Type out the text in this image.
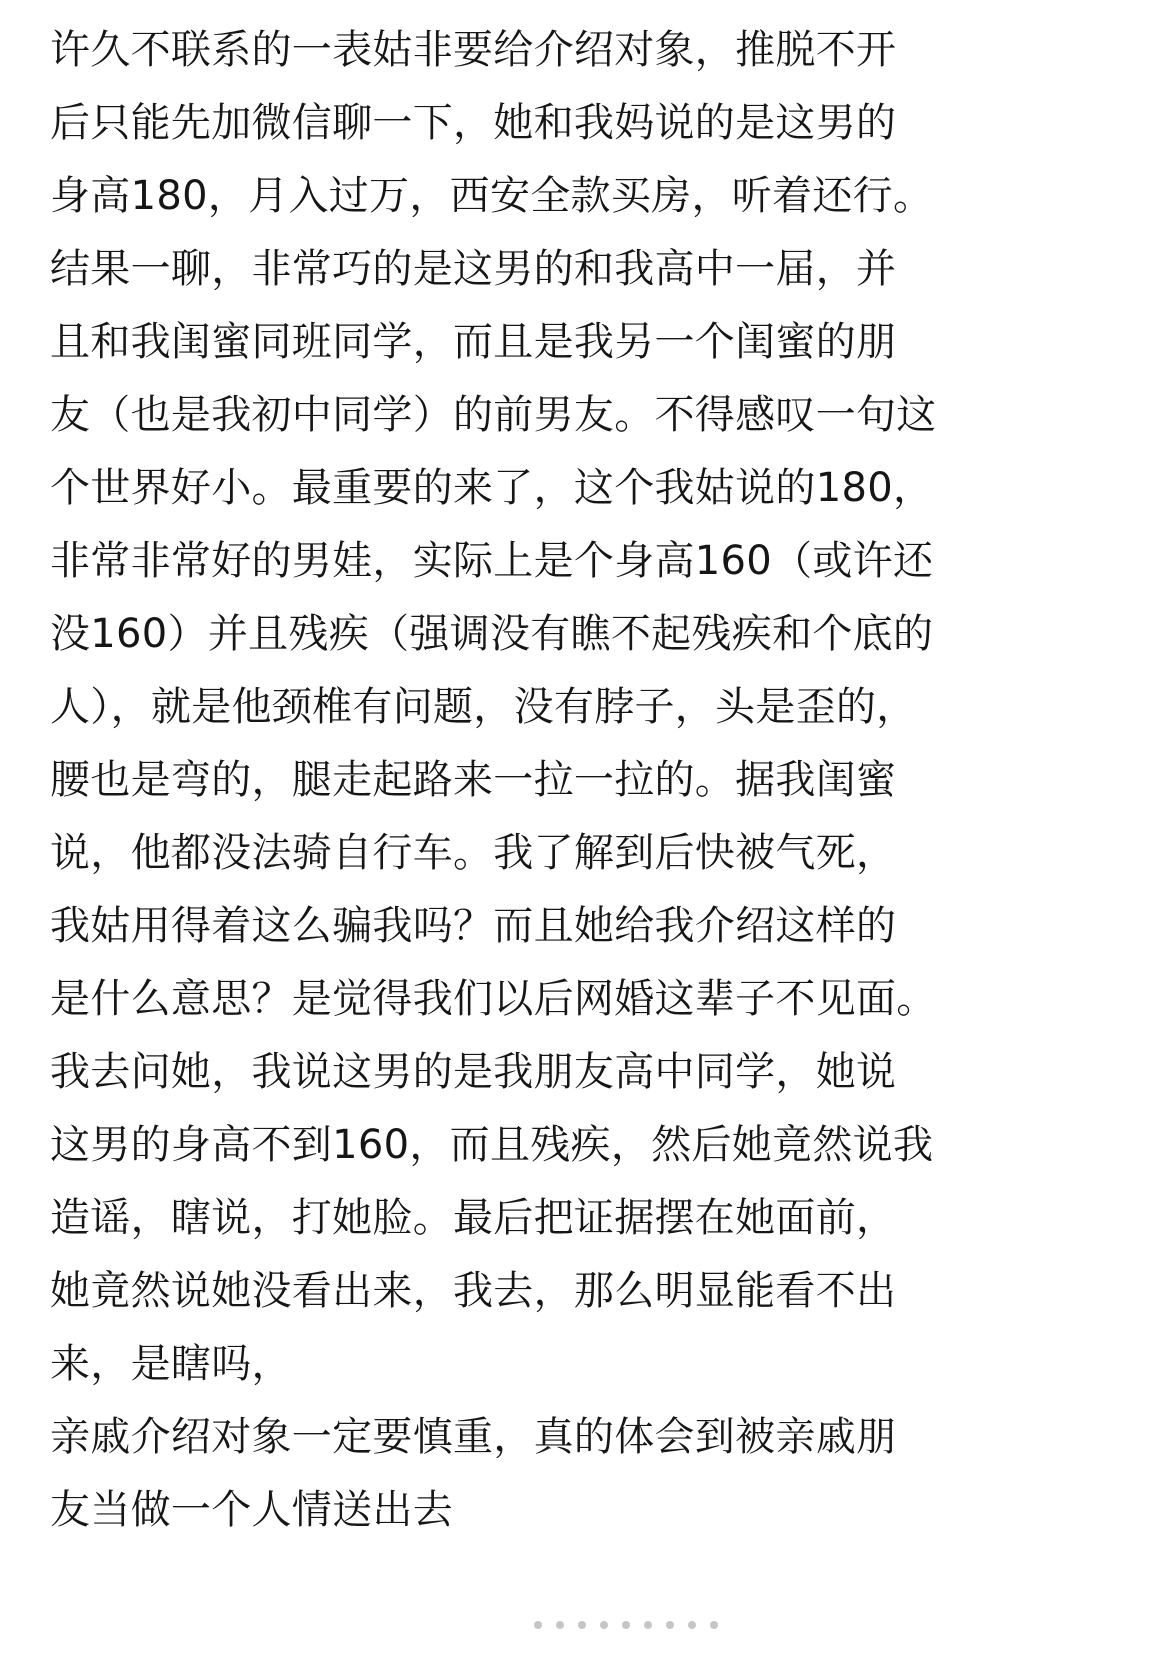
许久不联系的一表姑非要给介绍对象，推脱不开
后只能先加微信聊一下，她和我妈说的是这男的
身高180，月入过万，西安全款买房，听着还行。
结果一聊，非常巧的是这男的和我高中一届，并
且和我闺蜜同班同学，而且是我另一个闺蜜的朋
友（也是我初中同学）的前男友。不得感叹一句这
个世界好小。最重要的来了，这个我姑说的180，
非常非常好的男娃，实际上是个身高160（或许还
没160）并且残疾（强调没有瞧不起残疾和个底的
人），就是他颈椎有问题，没有脖子，头是歪的，
腰也是弯的，腿走起路来一拉一拉的。据我闺蜜
说，他都没法骑自行车。我了解到后快被气死，
我姑用得着这么骗我吗？而且她给我介绍这样的
是什么意思？是觉得我们以后网婚这辈子不见面。
我去问她，我说这男的是我朋友高中同学，她说
这男的身高不到160，而且残疾，然后她竟然说我
造谣，瞎说，打她脸。最后把证据摆在她面前，
她竟然说她没看出来，我去，那么明显能看不出
来，是瞎吗，
亲戚介绍对象一定要慎重，真的体会到被亲戚朋
友当做一个人情送出去
